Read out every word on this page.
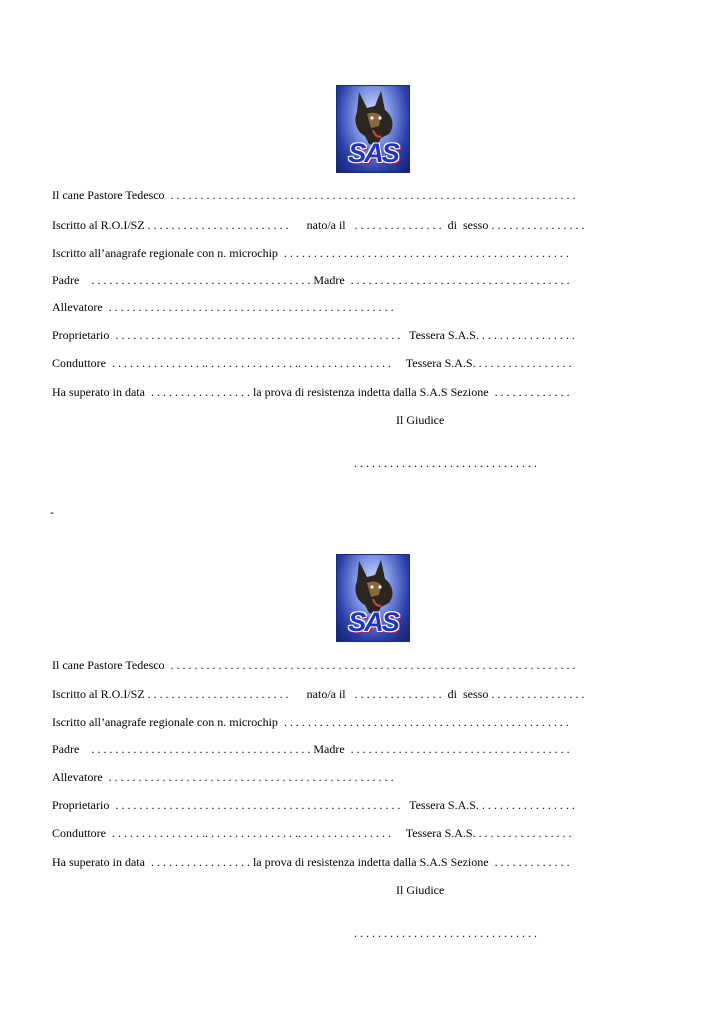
SAS
Il cane Pastore Tedesco  . . . . . . . . . . . . . . . . . . . . . . . . . . . . . . . . . . . . . . . . . . . . . . . . . . . . . . . . . . . . . . . . . . . .
Iscritto al R.O.I/SZ . . . . . . . . . . . . . . . . . . . . . . . .      nato/a il   . . . . . . . . . . . . . . .  di  sesso . . . . . . . . . . . . . . . .
Iscritto all’anagrafe regionale con n. microchip  . . . . . . . . . . . . . . . . . . . . . . . . . . . . . . . . . . . . . . . . . . . . . . . .
Padre    . . . . . . . . . . . . . . . . . . . . . . . . . . . . . . . . . . . . . Madre  . . . . . . . . . . . . . . . . . . . . . . . . . . . . . . . . . . . . .
Allevatore  . . . . . . . . . . . . . . . . . . . . . . . . . . . . . . . . . . . . . . . . . . . . . . . .
Proprietario  . . . . . . . . . . . . . . . . . . . . . . . . . . . . . . . . . . . . . . . . . . . . . . . .   Tessera S.A.S. . . . . . . . . . . . . . . . .
Conduttore  . . . . . . . . . . . . . . . .. . . . . . . . . . . . . . . .. . . . . . . . . . . . . . . .     Tessera S.A.S. . . . . . . . . . . . . . . . .
Ha superato in data  . . . . . . . . . . . . . . . . . la prova di resistenza indetta dalla S.A.S Sezione  . . . . . . . . . . . . .
Il Giudice
. . . . . . . . . . . . . . . . . . . . . . . . . . . . . . .
-
SAS
Il cane Pastore Tedesco  . . . . . . . . . . . . . . . . . . . . . . . . . . . . . . . . . . . . . . . . . . . . . . . . . . . . . . . . . . . . . . . . . . . .
Iscritto al R.O.I/SZ . . . . . . . . . . . . . . . . . . . . . . . .      nato/a il   . . . . . . . . . . . . . . .  di  sesso . . . . . . . . . . . . . . . .
Iscritto all’anagrafe regionale con n. microchip  . . . . . . . . . . . . . . . . . . . . . . . . . . . . . . . . . . . . . . . . . . . . . . . .
Padre    . . . . . . . . . . . . . . . . . . . . . . . . . . . . . . . . . . . . . Madre  . . . . . . . . . . . . . . . . . . . . . . . . . . . . . . . . . . . . .
Allevatore  . . . . . . . . . . . . . . . . . . . . . . . . . . . . . . . . . . . . . . . . . . . . . . . .
Proprietario  . . . . . . . . . . . . . . . . . . . . . . . . . . . . . . . . . . . . . . . . . . . . . . . .   Tessera S.A.S. . . . . . . . . . . . . . . . .
Conduttore  . . . . . . . . . . . . . . . .. . . . . . . . . . . . . . . .. . . . . . . . . . . . . . . .     Tessera S.A.S. . . . . . . . . . . . . . . . .
Ha superato in data  . . . . . . . . . . . . . . . . . la prova di resistenza indetta dalla S.A.S Sezione  . . . . . . . . . . . . .
Il Giudice
. . . . . . . . . . . . . . . . . . . . . . . . . . . . . . .
